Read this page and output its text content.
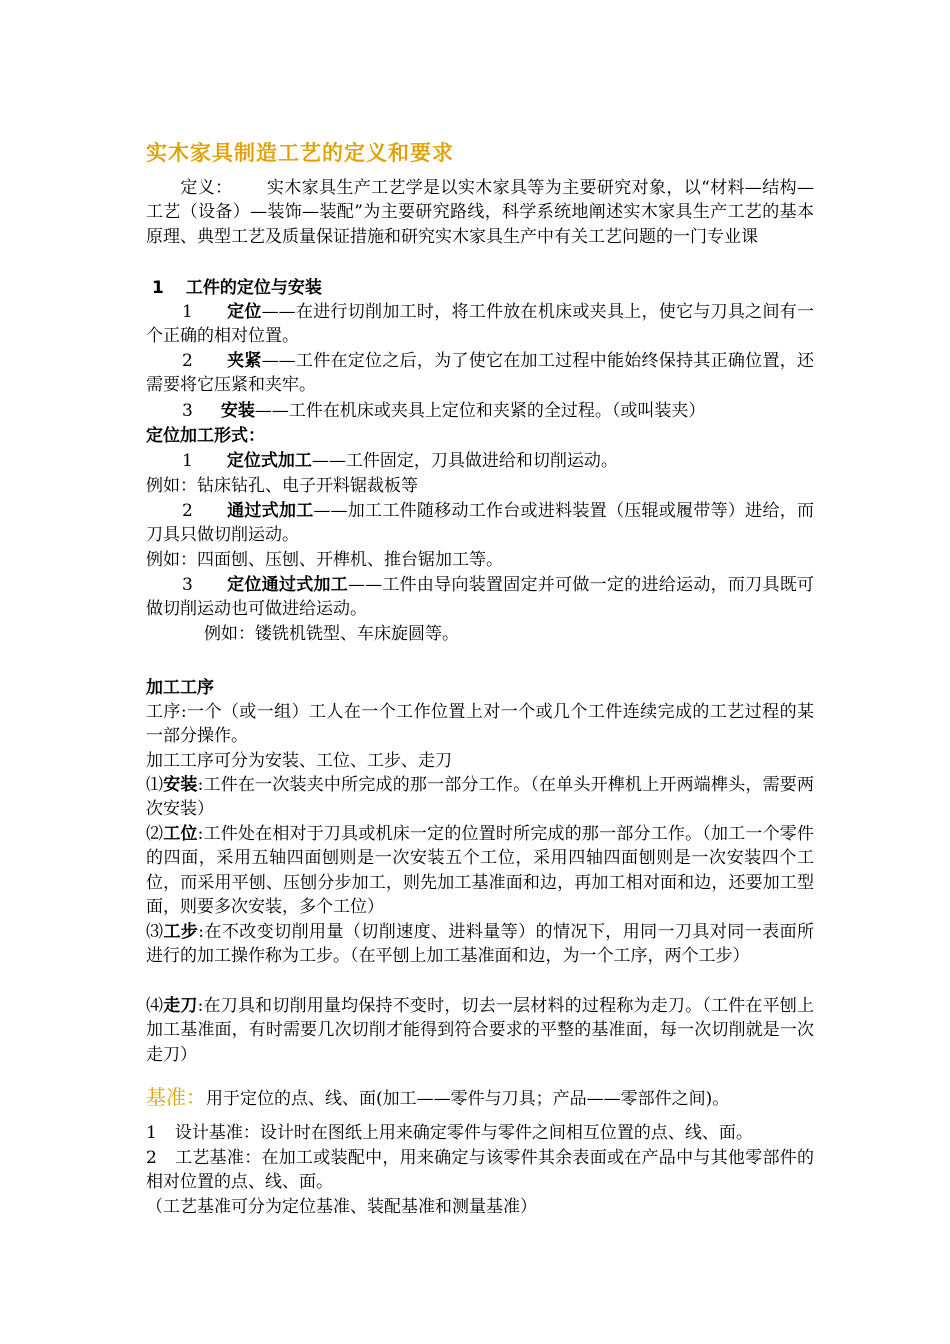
实木家具制造工艺的定义和要求
定义： 实木家具生产工艺学是以实木家具等为主要研究对象，以“材料—结构—工艺（设备）—装饰—装配”为主要研究路线，科学系统地阐述实木家具生产工艺的基本原理、典型工艺及质量保证措施和研究实木家具生产中有关工艺问题的一门专业课
1 工件的定位与安装
1 定位——在进行切削加工时，将工件放在机床或夹具上，使它与刀具之间有一个正确的相对位置。
2 夹紧——工件在定位之后，为了使它在加工过程中能始终保持其正确位置，还需要将它压紧和夹牢。
3 安装——工件在机床或夹具上定位和夹紧的全过程。（或叫装夹）
定位加工形式：
1 定位式加工——工件固定，刀具做进给和切削运动。
例如：钻床钻孔、电子开料锯裁板等
2 通过式加工——加工工件随移动工作台或进料装置（压辊或履带等）进给，而刀具只做切削运动。
例如：四面刨、压刨、开榫机、推台锯加工等。
3 定位通过式加工——工件由导向装置固定并可做一定的进给运动，而刀具既可做切削运动也可做进给运动。
例如：镂铣机铣型、车床旋圆等。
加工工序
工序:一个（或一组）工人在一个工作位置上对一个或几个工件连续完成的工艺过程的某一部分操作。
加工工序可分为安装、工位、工步、走刀
⑴安装:工件在一次装夹中所完成的那一部分工作。（在单头开榫机上开两端榫头，需要两次安装）
⑵工位:工件处在相对于刀具或机床一定的位置时所完成的那一部分工作。（加工一个零件的四面，采用五轴四面刨则是一次安装五个工位，采用四轴四面刨则是一次安装四个工位，而采用平刨、压刨分步加工，则先加工基准面和边，再加工相对面和边，还要加工型面，则要多次安装，多个工位）
⑶工步:在不改变切削用量（切削速度、进料量等）的情况下，用同一刀具对同一表面所进行的加工操作称为工步。（在平刨上加工基准面和边，为一个工序，两个工步）
⑷走刀:在刀具和切削用量均保持不变时，切去一层材料的过程称为走刀。（工件在平刨上加工基准面，有时需要几次切削才能得到符合要求的平整的基准面，每一次切削就是一次走刀）
基准：用于定位的点、线、面(加工——零件与刀具；产品——零部件之间)。
1 设计基准：设计时在图纸上用来确定零件与零件之间相互位置的点、线、面。
2 工艺基准：在加工或装配中，用来确定与该零件其余表面或在产品中与其他零部件的相对位置的点、线、面。
（工艺基准可分为定位基准、装配基准和测量基准）
